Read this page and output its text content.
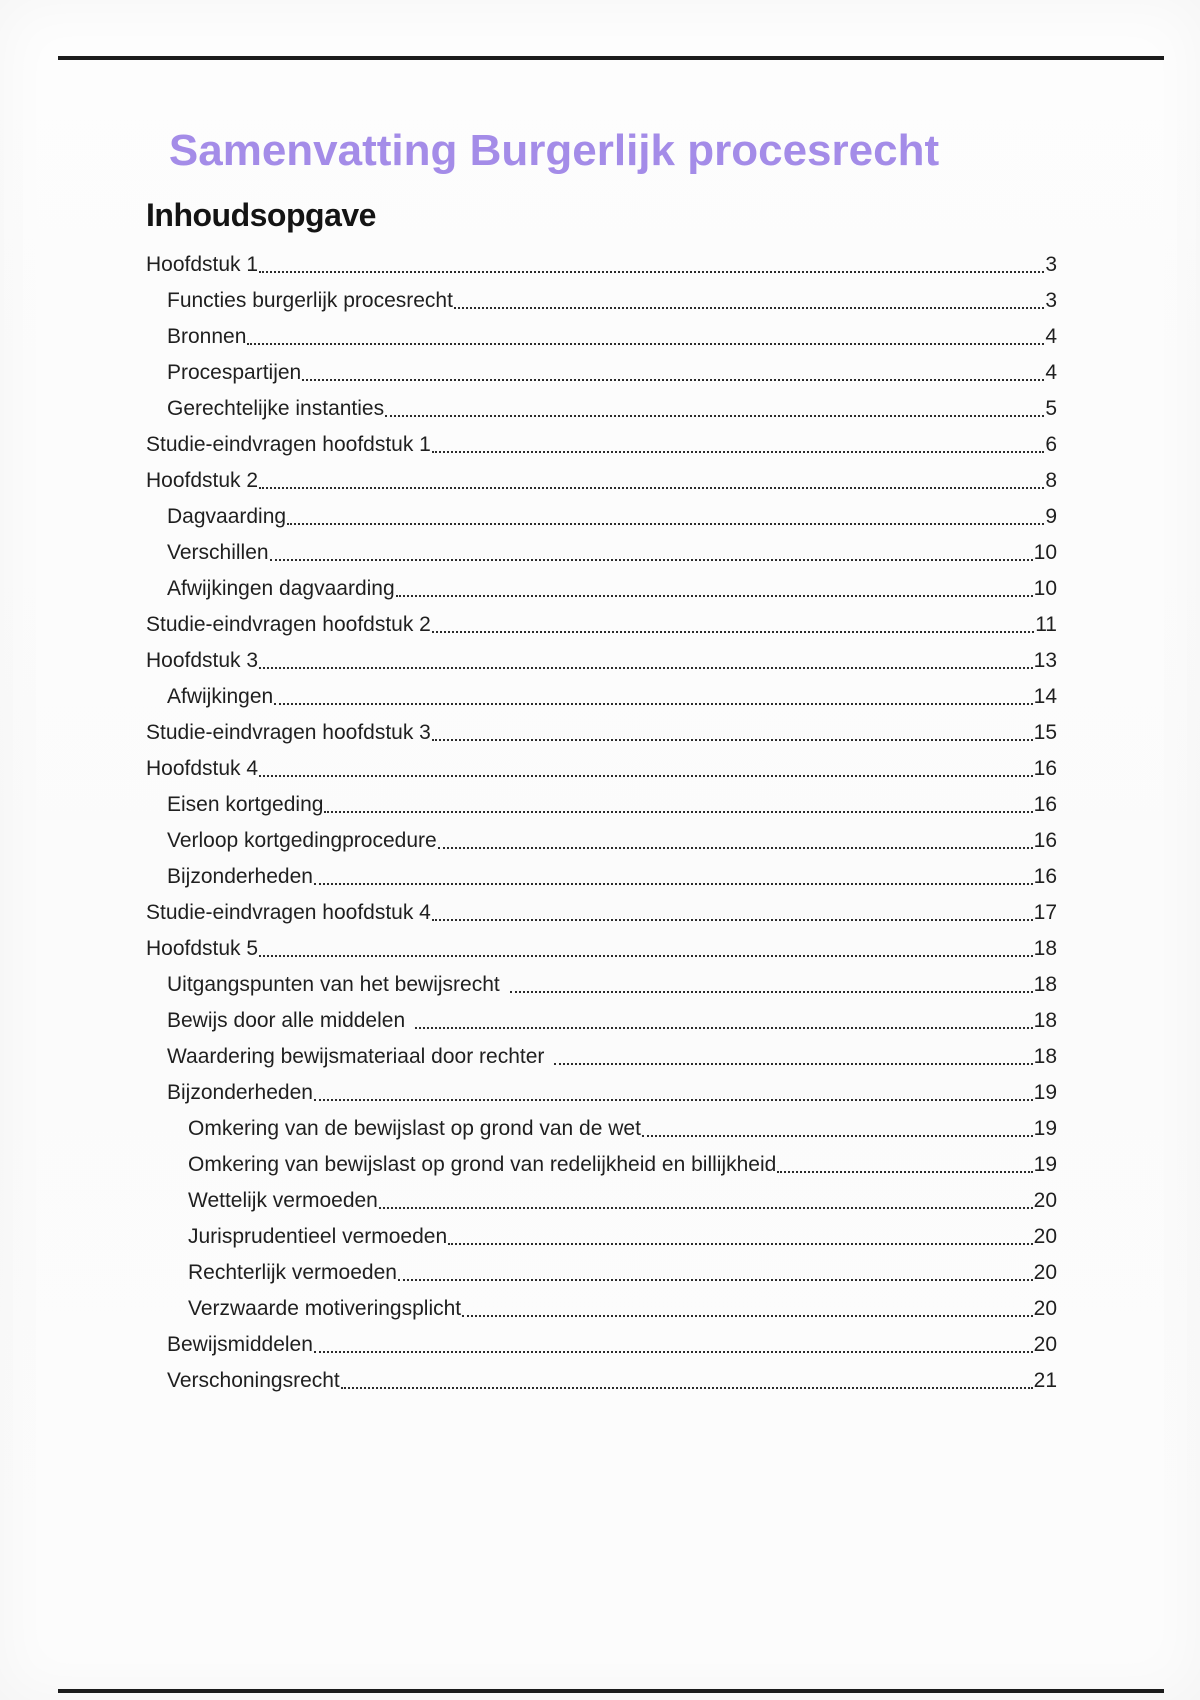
Samenvatting Burgerlijk procesrecht
Inhoudsopgave
Hoofdstuk 1	3
Functies burgerlijk procesrecht	3
Bronnen	4
Procespartijen	4
Gerechtelijke instanties	5
Studie-eindvragen hoofdstuk 1	6
Hoofdstuk 2	8
Dagvaarding	9
Verschillen	10
Afwijkingen dagvaarding	10
Studie-eindvragen hoofdstuk 2	11
Hoofdstuk 3	13
Afwijkingen	14
Studie-eindvragen hoofdstuk 3	15
Hoofdstuk 4	16
Eisen kortgeding	16
Verloop kortgedingprocedure	16
Bijzonderheden	16
Studie-eindvragen hoofdstuk 4	17
Hoofdstuk 5	18
Uitgangspunten van het bewijsrecht	18
Bewijs door alle middelen	18
Waardering bewijsmateriaal door rechter	18
Bijzonderheden	19
Omkering van de bewijslast op grond van de wet	19
Omkering van bewijslast op grond van redelijkheid en billijkheid	19
Wettelijk vermoeden	20
Jurisprudentieel vermoeden	20
Rechterlijk vermoeden	20
Verzwaarde motiveringsplicht	20
Bewijsmiddelen	20
Verschoningsrecht	21
